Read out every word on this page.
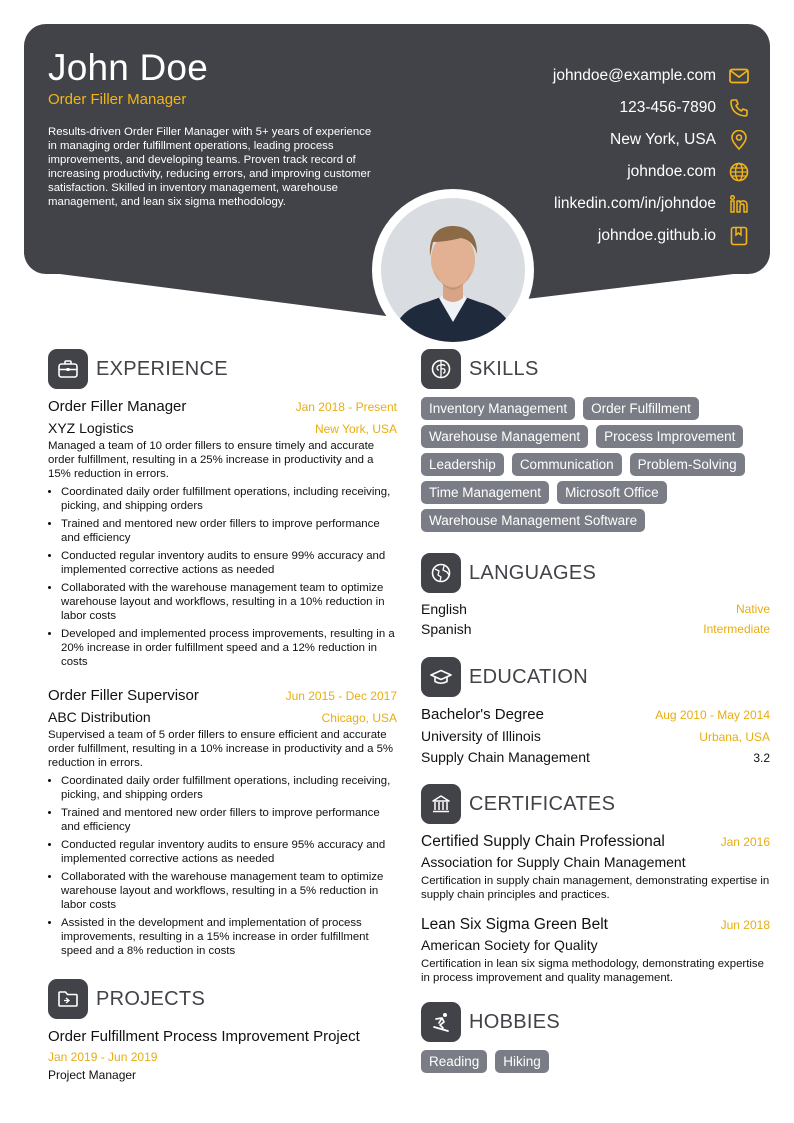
John Doe
Order Filler Manager
Results-driven Order Filler Manager with 5+ years of experience in managing order fulfillment operations, leading process improvements, and developing teams. Proven track record of increasing productivity, reducing errors, and improving customer satisfaction. Skilled in inventory management, warehouse management, and lean six sigma methodology.
johndoe@example.com
123-456-7890
New York, USA
johndoe.com
linkedin.com/in/johndoe
johndoe.github.io
EXPERIENCE
Order Filler Manager	Jan 2018 - Present
XYZ Logistics	New York, USA
Managed a team of 10 order fillers to ensure timely and accurate order fulfillment, resulting in a 25% increase in productivity and a 15% reduction in errors.
• Coordinated daily order fulfillment operations, including receiving, picking, and shipping orders
• Trained and mentored new order fillers to improve performance and efficiency
• Conducted regular inventory audits to ensure 99% accuracy and implemented corrective actions as needed
• Collaborated with the warehouse management team to optimize warehouse layout and workflows, resulting in a 10% reduction in labor costs
• Developed and implemented process improvements, resulting in a 20% increase in order fulfillment speed and a 12% reduction in costs
Order Filler Supervisor	Jun 2015 - Dec 2017
ABC Distribution	Chicago, USA
Supervised a team of 5 order fillers to ensure efficient and accurate order fulfillment, resulting in a 10% increase in productivity and a 5% reduction in errors.
• Coordinated daily order fulfillment operations, including receiving, picking, and shipping orders
• Trained and mentored new order fillers to improve performance and efficiency
• Conducted regular inventory audits to ensure 95% accuracy and implemented corrective actions as needed
• Collaborated with the warehouse management team to optimize warehouse layout and workflows, resulting in a 5% reduction in labor costs
• Assisted in the development and implementation of process improvements, resulting in a 15% increase in order fulfillment speed and a 8% reduction in costs
PROJECTS
Order Fulfillment Process Improvement Project
Jan 2019 - Jun 2019
Project Manager
SKILLS
Inventory Management	Order Fulfillment
Warehouse Management	Process Improvement
Leadership	Communication	Problem-Solving
Time Management	Microsoft Office
Warehouse Management Software
LANGUAGES
English	Native
Spanish	Intermediate
EDUCATION
Bachelor's Degree	Aug 2010 - May 2014
University of Illinois	Urbana, USA
Supply Chain Management	3.2
CERTIFICATES
Certified Supply Chain Professional	Jan 2016
Association for Supply Chain Management
Certification in supply chain management, demonstrating expertise in supply chain principles and practices.
Lean Six Sigma Green Belt	Jun 2018
American Society for Quality
Certification in lean six sigma methodology, demonstrating expertise in process improvement and quality management.
HOBBIES
Reading	Hiking
